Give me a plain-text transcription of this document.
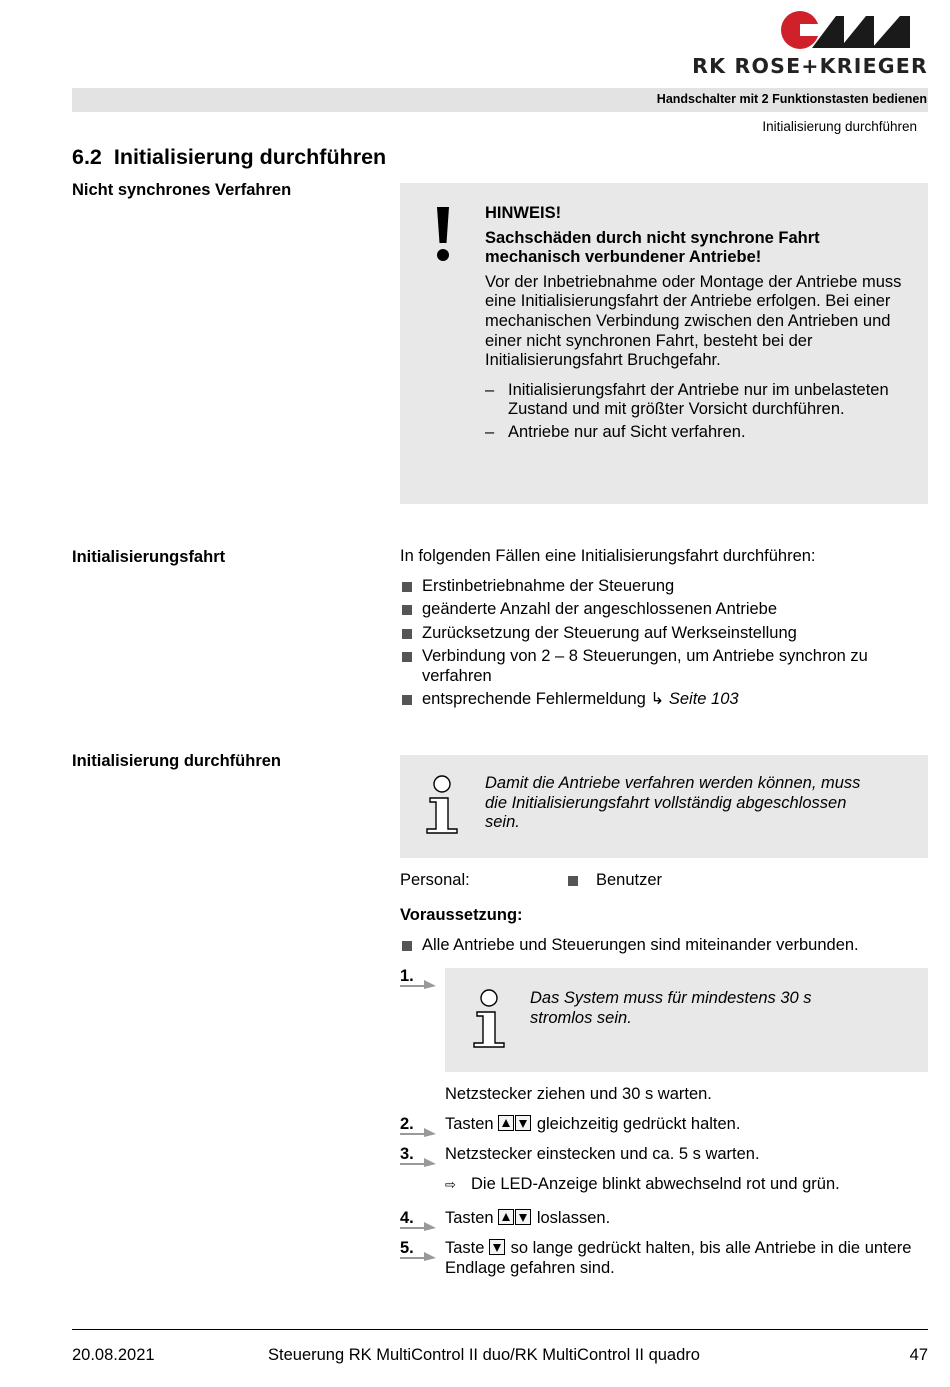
RK ROSE+KRIEGER
Handschalter mit 2 Funktionstasten bedienen
Initialisierung durchführen
6.2 Initialisierung durchführen
Nicht synchrones Verfahren
HINWEIS!
Sachschäden durch nicht synchrone Fahrt mechanisch verbundener Antriebe!
Vor der Inbetriebnahme oder Montage der Antriebe muss eine Initialisierungsfahrt der Antriebe erfolgen. Bei einer mechanischen Verbindung zwischen den Antrieben und einer nicht synchronen Fahrt, besteht bei der Initialisierungsfahrt Bruchgefahr.
– Initialisierungsfahrt der Antriebe nur im unbelasteten Zustand und mit größter Vorsicht durchführen.
– Antriebe nur auf Sicht verfahren.
Initialisierungsfahrt	In folgenden Fällen eine Initialisierungsfahrt durchführen:
Erstinbetriebnahme der Steuerung
geänderte Anzahl der angeschlossenen Antriebe
Zurücksetzung der Steuerung auf Werkseinstellung
Verbindung von 2 – 8 Steuerungen, um Antriebe synchron zu verfahren
entsprechende Fehlermeldung ↳ Seite 103
Initialisierung durchführen
Damit die Antriebe verfahren werden können, muss die Initialisierungsfahrt vollständig abgeschlossen sein.
Personal:	Benutzer
Voraussetzung:
Alle Antriebe und Steuerungen sind miteinander verbunden.
1.
Das System muss für mindestens 30 s stromlos sein.
Netzstecker ziehen und 30 s warten.
2.	Tasten	gleichzeitig gedrückt halten.
3.	Netzstecker einstecken und ca. 5 s warten.
⇨ Die LED-Anzeige blinkt abwechselnd rot und grün.
4.	Tasten	loslassen.
5.	Taste so lange gedrückt halten, bis alle Antriebe in die untere Endlage gefahren sind.
20.08.2021	Steuerung RK MultiControl II duo/RK MultiControl II quadro	47
